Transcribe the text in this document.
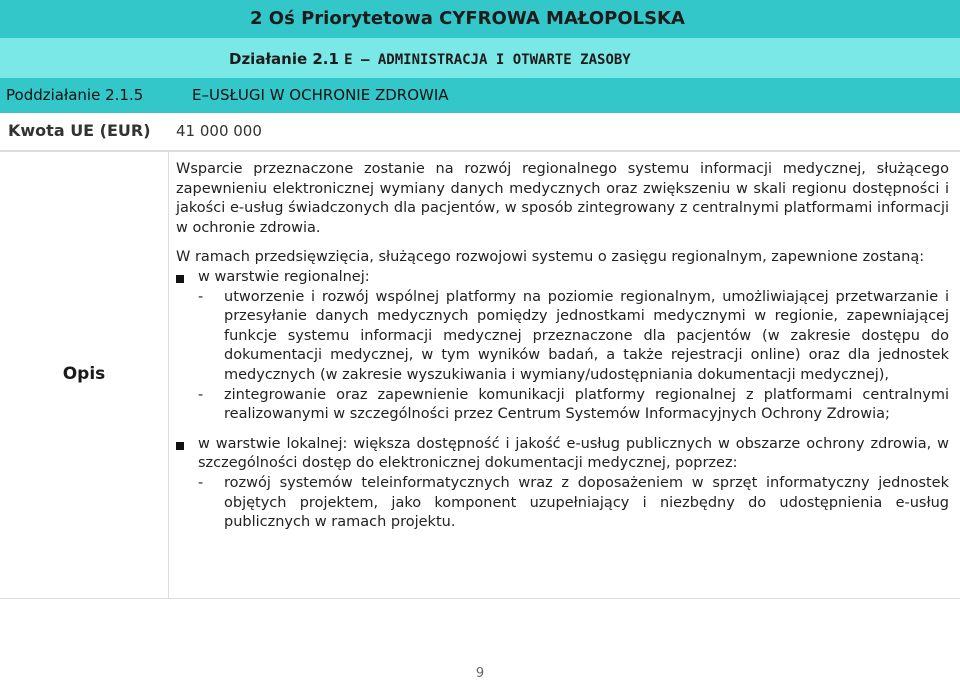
2 Oś Priorytetowa CYFROWA MAŁOPOLSKA
Działanie 2.1 E – ADMINISTRACJA I OTWARTE ZASOBY
Poddziałanie 2.1.5	E–USŁUGI W OCHRONIE ZDROWIA
Kwota UE (EUR) 41 000 000
Opis

Wsparcie przeznaczone zostanie na rozwój regionalnego systemu informacji medycznej, służącego zapewnieniu elektronicznej wymiany danych medycznych oraz zwiększeniu w skali regionu dostępności i jakości e-usług świadczonych dla pacjentów, w sposób zintegrowany z centralnymi platformami informacji w ochronie zdrowia.

W ramach przedsięwzięcia, służącego rozwojowi systemu o zasięgu regionalnym, zapewnione zostaną:

w warstwie regionalnej:

- utworzenie i rozwój wspólnej platformy na poziomie regionalnym, umożliwiającej przetwarzanie i przesyłanie danych medycznych pomiędzy jednostkami medycznymi w regionie, zapewniającej funkcje systemu informacji medycznej przeznaczone dla pacjentów (w zakresie dostępu do dokumentacji medycznej, w tym wyników badań, a także rejestracji online) oraz dla jednostek medycznych (w zakresie wyszukiwania i wymiany/udostępniania dokumentacji medycznej),

- zintegrowanie oraz zapewnienie komunikacji platformy regionalnej z platformami centralnymi realizowanymi w szczególności przez Centrum Systemów Informacyjnych Ochrony Zdrowia;

w warstwie lokalnej: większa dostępność i jakość e-usług publicznych w obszarze ochrony zdrowia, w szczególności dostęp do elektronicznej dokumentacji medycznej, poprzez:

- rozwój systemów teleinformatycznych wraz z doposażeniem w sprzęt informatyczny jednostek objętych projektem, jako komponent uzupełniający i niezbędny do udostępnienia e-usług publicznych w ramach projektu.

9
